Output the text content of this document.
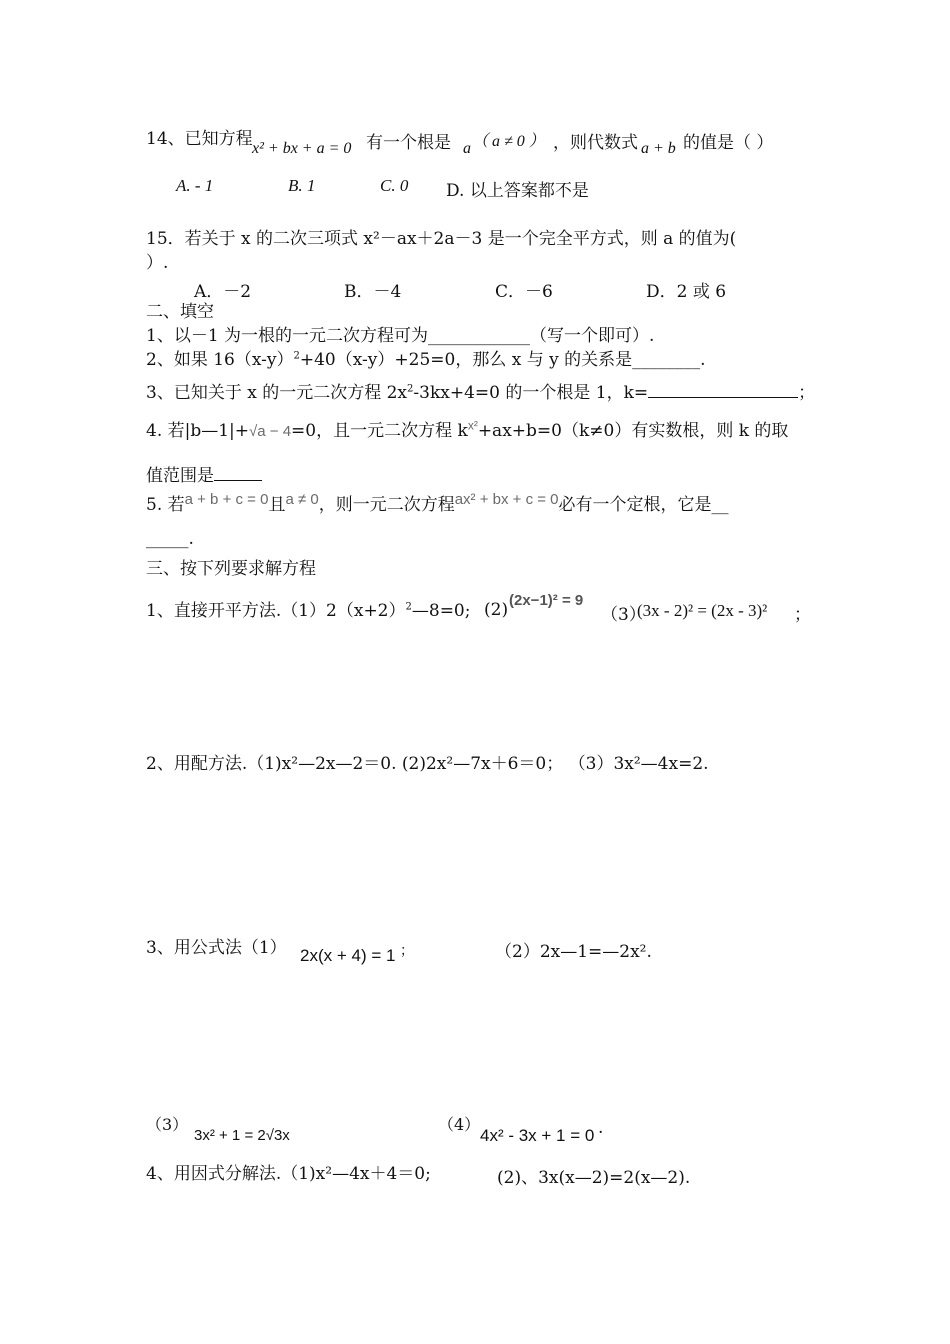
14、已知方程 x² + bx + a = 0 有一个根是 a （ a ≠ 0 ） ，则代数式 a + b 的值是（ ）
A. - 1	B. 1	C. 0 D. 以上答案都不是
15．若关于 x 的二次三项式 x²－ax＋2a－3 是一个完全平方式，则 a 的值为(
）.
A．－2	B．－4	C．－6	D．2 或 6
二、填空
1、以－1 为一根的一元二次方程可为____________（写一个即可）.
2、如果 $16(x-y)^2+40(x-y)+25=0$，那么 x 与 y 的关系是________.
3、已知关于 x 的一元二次方程 $2x^2-3kx+4=0$ 的一个根是 1，k=	；
4. 若|b—1|+√a − 4=0，且一元二次方程 $k^{x^2}+ax+b=0(k\ne 0)$有实数根，则 k 的取
值范围是
5. 若a + b + c = 0且a ≠ 0，则一元二次方程ax² + bx + c = 0必有一个定根，它是__
_____.
三、按下列要求解方程
1、直接开平方法$.(1)2(x+2)^2—8=0$; (2) (2x−1)² = 9
（3）
(3x - 2)² = (2x - 3)² ；
2、用配方法.（1)x²—2x—2＝0. (2)2x²—7x＋6＝0； （3）3x²—4x=2.
3、用公式法（1） 2x(x + 4) = 1 ；	（2）2x—1=—2x².
（3）
3x² + 1 = 2√3x
（4）
4x² - 3x + 1 = 0 .
4、用因式分解法.（1)x²—4x＋4＝0;	(2)、3x(x—2)=2(x—2).
